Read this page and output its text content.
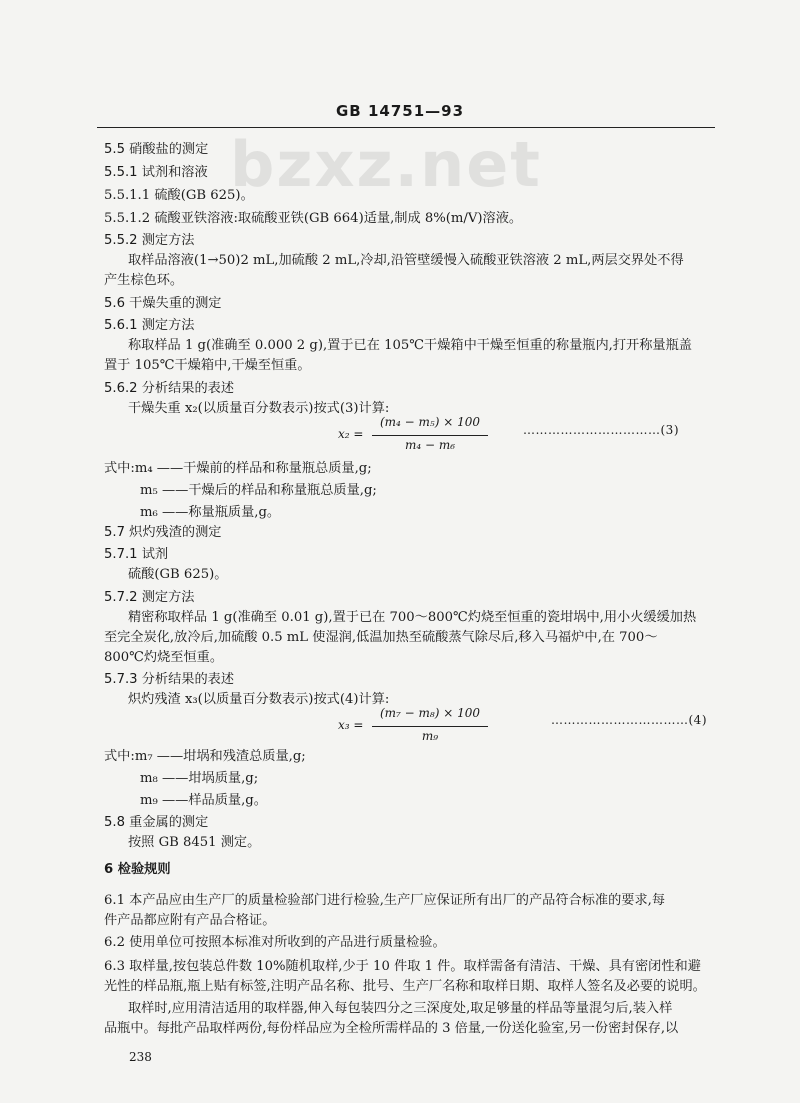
bzxz.net
GB 14751—93
5.5 硝酸盐的测定
5.5.1 试剂和溶液
5.5.1.1 硫酸(GB 625)。
5.5.1.2 硫酸亚铁溶液:取硫酸亚铁(GB 664)适量,制成 8%(m/V)溶液。
5.5.2 测定方法
取样品溶液(1→50)2 mL,加硫酸 2 mL,冷却,沿管壁缓慢入硫酸亚铁溶液 2 mL,两层交界处不得
产生棕色环。
5.6 干燥失重的测定
5.6.1 测定方法
称取样品 1 g(准确至 0.000 2 g),置于已在 105℃干燥箱中干燥至恒重的称量瓶内,打开称量瓶盖
置于 105℃干燥箱中,干燥至恒重。
5.6.2 分析结果的表述
干燥失重 x₂(以质量百分数表示)按式(3)计算:
式中:m₄ ——干燥前的样品和称量瓶总质量,g;
m₅ ——干燥后的样品和称量瓶总质量,g;
m₆ ——称量瓶质量,g。
5.7 炽灼残渣的测定
5.7.1 试剂
硫酸(GB 625)。
5.7.2 测定方法
精密称取样品 1 g(准确至 0.01 g),置于已在 700～800℃灼烧至恒重的瓷坩埚中,用小火缓缓加热
至完全炭化,放冷后,加硫酸 0.5 mL 使湿润,低温加热至硫酸蒸气除尽后,移入马福炉中,在 700～
800℃灼烧至恒重。
5.7.3 分析结果的表述
炽灼残渣 x₃(以质量百分数表示)按式(4)计算:
式中:m₇ ——坩埚和残渣总质量,g;
m₈ ——坩埚质量,g;
m₉ ——样品质量,g。
5.8 重金属的测定
按照 GB 8451 测定。
6 检验规则
6.1 本产品应由生产厂的质量检验部门进行检验,生产厂应保证所有出厂的产品符合标准的要求,每
件产品都应附有产品合格证。
6.2 使用单位可按照本标准对所收到的产品进行质量检验。
6.3 取样量,按包装总件数 10%随机取样,少于 10 件取 1 件。取样需备有清洁、干燥、具有密闭性和避
光性的样品瓶,瓶上贴有标签,注明产品名称、批号、生产厂名称和取样日期、取样人签名及必要的说明。
取样时,应用清洁适用的取样器,伸入每包装四分之三深度处,取足够量的样品等量混匀后,装入样
品瓶中。每批产品取样两份,每份样品应为全检所需样品的 3 倍量,一份送化验室,另一份密封保存,以
x₂ =
(m₄ − m₅) × 100
m₄ − m₆
……………………………(3)
x₃ =
(m₇ − m₈) × 100
m₉
……………………………(4)
238
